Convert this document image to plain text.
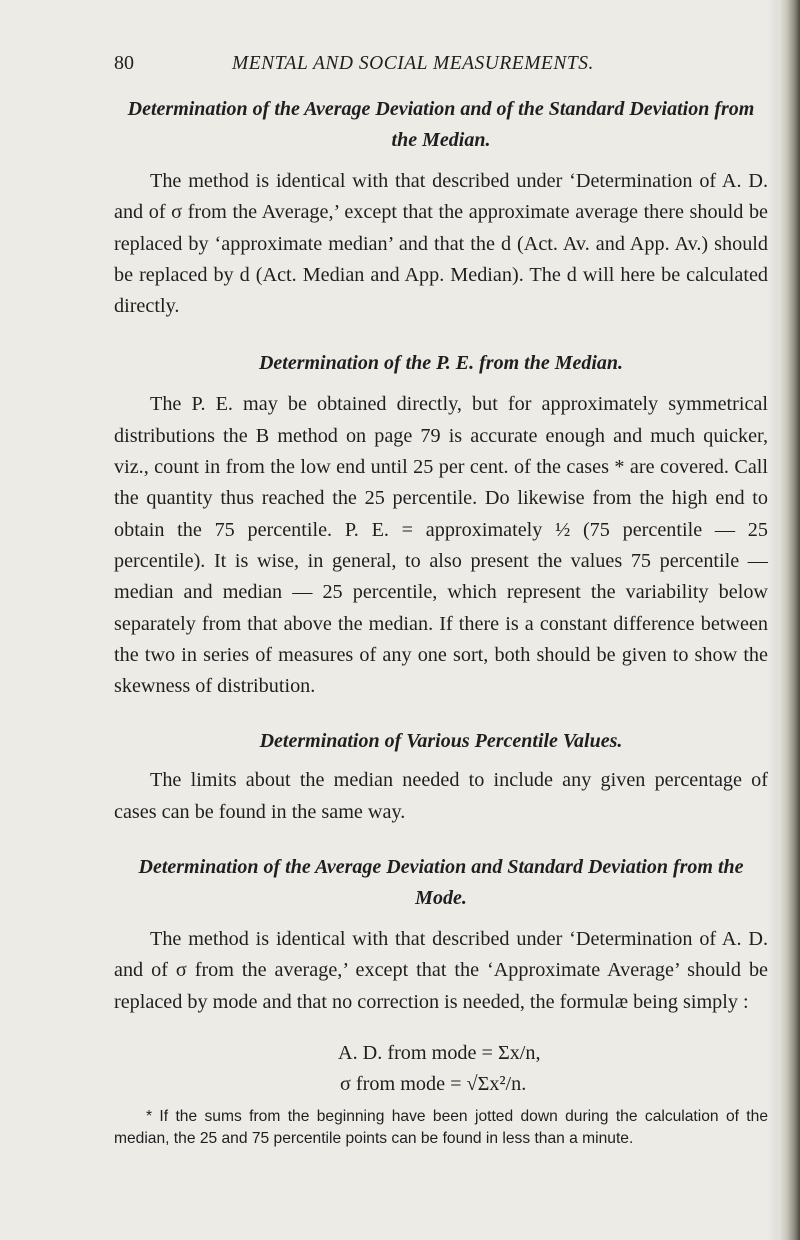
80	MENTAL AND SOCIAL MEASUREMENTS.
Determination of the Average Deviation and of the Standard Deviation from the Median.

The method is identical with that described under ‘Determination of A. D. and of σ from the Average,’ except that the approximate average there should be replaced by ‘approximate median’ and that the d (Act. Av. and App. Av.) should be replaced by d (Act. Median and App. Median). The d will here be calculated directly.

Determination of the P. E. from the Median.

The P. E. may be obtained directly, but for approximately symmetrical distributions the B method on page 79 is accurate enough and much quicker, viz., count in from the low end until 25 per cent. of the cases * are covered. Call the quantity thus reached the 25 percentile. Do likewise from the high end to obtain the 75 percentile. P. E. = approximately ½ (75 percentile — 25 percentile). It is wise, in general, to also present the values 75 percentile — median and median — 25 percentile, which represent the variability below separately from that above the median. If there is a constant difference between the two in series of measures of any one sort, both should be given to show the skewness of distribution.

Determination of Various Percentile Values.

The limits about the median needed to include any given percentage of cases can be found in the same way.

Determination of the Average Deviation and Standard Deviation from the Mode.

The method is identical with that described under ‘Determination of A. D. and of σ from the average,’ except that the ‘Approximate Average’ should be replaced by mode and that no correction is needed, the formulæ being simply :

A. D. from mode = Σx/n,

σ from mode = √Σx²/n.

* If the sums from the beginning have been jotted down during the calculation of the median, the 25 and 75 percentile points can be found in less than a minute.
